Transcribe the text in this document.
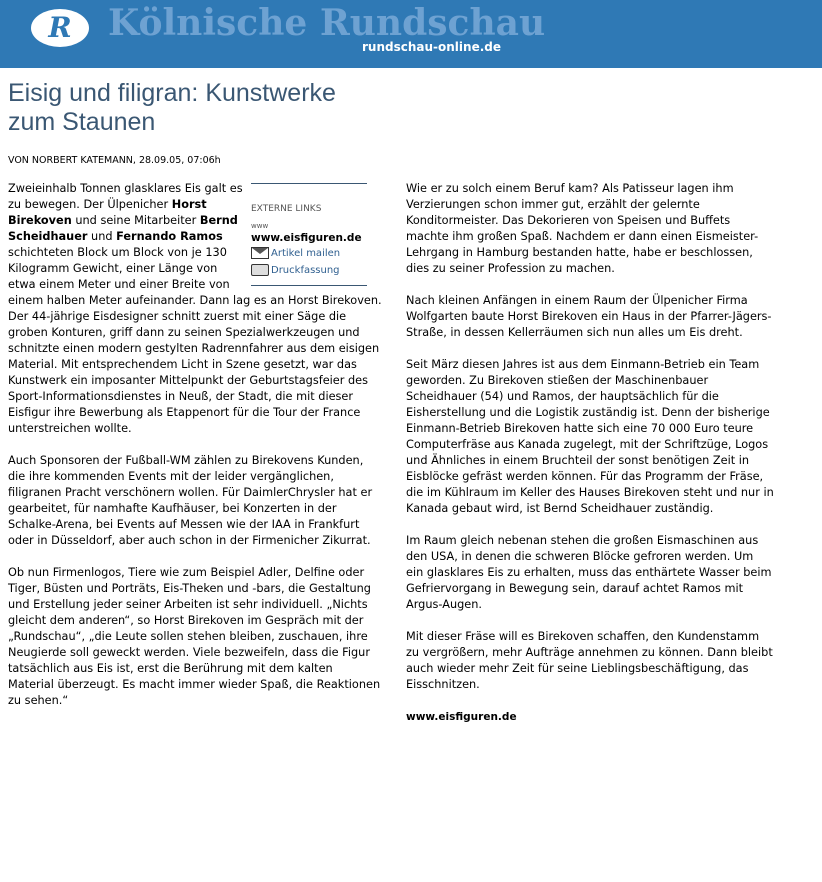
R	Kölnische Rundschau
rundschau-online.de
Eisig und filigran: Kunstwerke zum Staunen
VON NORBERT KATEMANN, 28.09.05, 07:06h
EXTERNE LINKS
www
www.eisfiguren.de
Artikel mailen
Druckfassung

Zweieinhalb Tonnen glasklares Eis galt es zu bewegen. Der Ülpenicher Horst Birekoven und seine Mitarbeiter Bernd Scheidhauer und Fernando Ramos schichteten Block um Block von je 130 Kilogramm Gewicht, einer Länge von etwa einem Meter und einer Breite von einem halben Meter aufeinander. Dann lag es an Horst Birekoven. Der 44-jährige Eisdesigner schnitt zuerst mit einer Säge die groben Konturen, griff dann zu seinen Spezialwerkzeugen und schnitzte einen modern gestylten Radrennfahrer aus dem eisigen Material. Mit entsprechendem Licht in Szene gesetzt, war das Kunstwerk ein imposanter Mittelpunkt der Geburtstagsfeier des Sport-Informationsdienstes in Neuß, der Stadt, die mit dieser Eisfigur ihre Bewerbung als Etappenort für die Tour der France unterstreichen wollte.

Auch Sponsoren der Fußball-WM zählen zu Birekovens Kunden, die ihre kommenden Events mit der leider vergänglichen, filigranen Pracht verschönern wollen. Für DaimlerChrysler hat er gearbeitet, für namhafte Kaufhäuser, bei Konzerten in der Schalke-Arena, bei Events auf Messen wie der IAA in Frankfurt oder in Düsseldorf, aber auch schon in der Firmenicher Zikurrat.

Ob nun Firmenlogos, Tiere wie zum Beispiel Adler, Delfine oder Tiger, Büsten und Porträts, Eis-Theken und -bars, die Gestaltung und Erstellung jeder seiner Arbeiten ist sehr individuell. „Nichts gleicht dem anderen“, so Horst Birekoven im Gespräch mit der „Rundschau“, „die Leute sollen stehen bleiben, zuschauen, ihre Neugierde soll geweckt werden. Viele bezweifeln, dass die Figur tatsächlich aus Eis ist, erst die Berührung mit dem kalten Material überzeugt. Es macht immer wieder Spaß, die Reaktionen zu sehen.“

Wie er zu solch einem Beruf kam? Als Patisseur lagen ihm Verzierungen schon immer gut, erzählt der gelernte Konditormeister. Das Dekorieren von Speisen und Buffets machte ihm großen Spaß. Nachdem er dann einen Eismeister-Lehrgang in Hamburg bestanden hatte, habe er beschlossen, dies zu seiner Profession zu machen.

Nach kleinen Anfängen in einem Raum der Ülpenicher Firma Wolfgarten baute Horst Birekoven ein Haus in der Pfarrer-Jägers-Straße, in dessen Kellerräumen sich nun alles um Eis dreht.

Seit März diesen Jahres ist aus dem Einmann-Betrieb ein Team geworden. Zu Birekoven stießen der Maschinenbauer Scheidhauer (54) und Ramos, der hauptsächlich für die Eisherstellung und die Logistik zuständig ist. Denn der bisherige Einmann-Betrieb Birekoven hatte sich eine 70 000 Euro teure Computerfräse aus Kanada zugelegt, mit der Schriftzüge, Logos und Ähnliches in einem Bruchteil der sonst benötigen Zeit in Eisblöcke gefräst werden können. Für das Programm der Fräse, die im Kühlraum im Keller des Hauses Birekoven steht und nur in Kanada gebaut wird, ist Bernd Scheidhauer zuständig.

Im Raum gleich nebenan stehen die großen Eismaschinen aus den USA, in denen die schweren Blöcke gefroren werden. Um ein glasklares Eis zu erhalten, muss das enthärtete Wasser beim Gefriervorgang in Bewegung sein, darauf achtet Ramos mit Argus-Augen.

Mit dieser Fräse will es Birekoven schaffen, den Kundenstamm zu vergrößern, mehr Aufträge annehmen zu können. Dann bleibt auch wieder mehr Zeit für seine Lieblingsbeschäftigung, das Eisschnitzen.

www.eisfiguren.de
